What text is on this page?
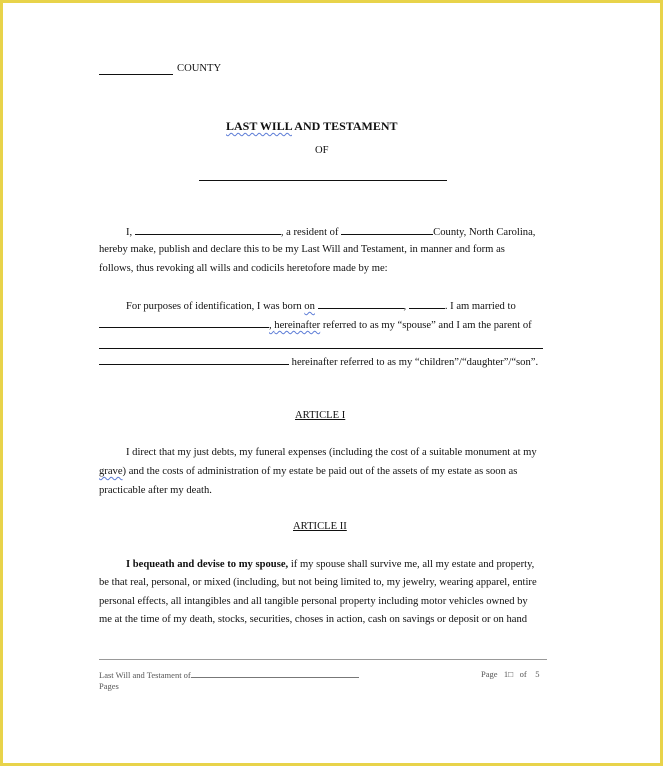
COUNTY
LAST WILL AND TESTAMENT
OF
I,	, a resident of	County, North Carolina,
hereby make, publish and declare this to be my Last Will and Testament, in manner and form as
follows, thus revoking all wills and codicils heretofore made by me:
For purposes of identification, I was born on	,	. I am married to
, hereinafter referred to as my “spouse” and I am the parent of
hereinafter referred to as my “children”/“daughter”/“son”.
ARTICLE I
I direct that my just debts, my funeral expenses (including the cost of a suitable monument at my
grave) and the costs of administration of my estate be paid out of the assets of my estate as soon as
practicable after my death.
ARTICLE II
I bequeath and devise to my spouse, if my spouse shall survive me, all my estate and property,
be that real, personal, or mixed (including, but not being limited to, my jewelry, wearing apparel, entire
personal effects, all intangibles and all tangible personal property including motor vehicles owned by
me at the time of my death, stocks, securities, choses in action, cash on savings or deposit or on hand
Last Will and Testament of
Pages
Page 1□   of 5
